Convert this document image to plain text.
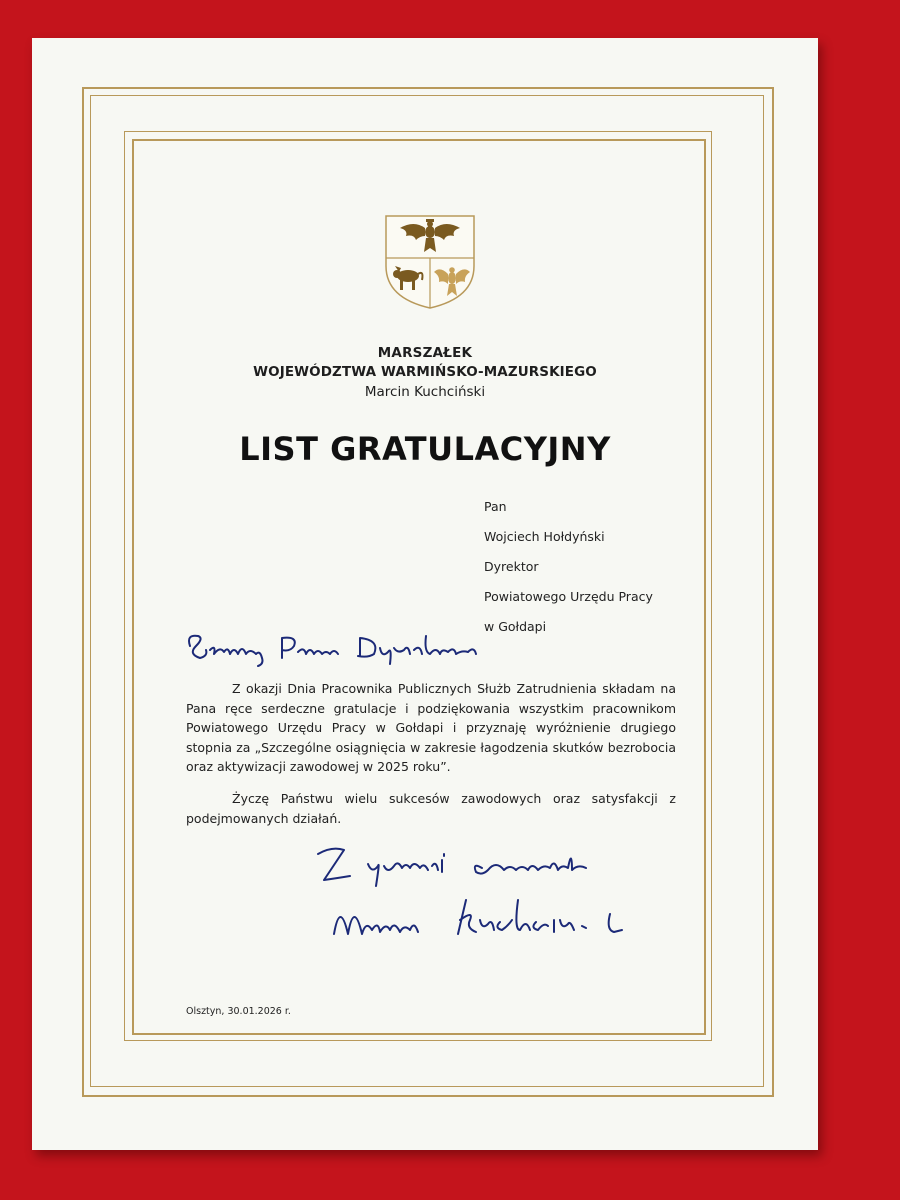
MARSZAŁEK
WOJEWÓDZTWA WARMIŃSKO-MAZURSKIEGO
Marcin Kuchciński
LIST GRATULACYJNY
Pan
Wojciech Hołdyński
Dyrektor
Powiatowego Urzędu Pracy
w Gołdapi
Z okazji Dnia Pracownika Publicznych Służb Zatrudnienia składam na Pana ręce serdeczne gratulacje i podziękowania wszystkim pracownikom Powiatowego Urzędu Pracy w Gołdapi i przyznaję wyróżnienie drugiego stopnia za „Szczególne osiągnięcia w zakresie łagodzenia skutków bezrobocia oraz aktywizacji zawodowej w 2025 roku”.
Życzę Państwu wielu sukcesów zawodowych oraz satysfakcji z podejmowanych działań.
Olsztyn, 30.01.2026 r.
